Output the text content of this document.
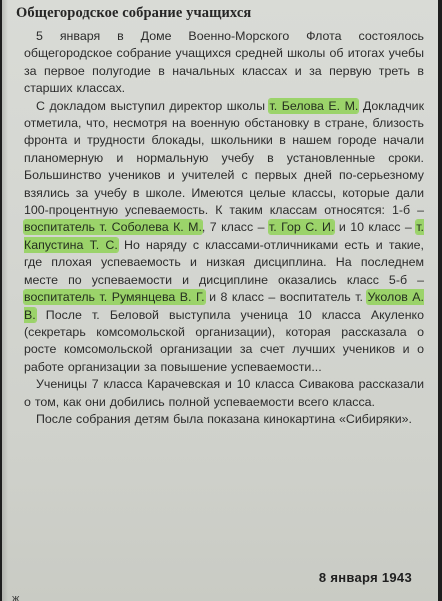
Общегородское собрание учащихся

5 января в Доме Военно-Морского Флота состоялось общегородское собрание учащихся средней школы об итогах учебы за первое полугодие в начальных классах и за первую треть в старших классах.

С докладом выступил директор школы т. Белова Е. М. Докладчик отметила, что, несмотря на военную обстановку в стране, близость фронта и трудности блокады, школьники в нашем городе начали планомерную и нормальную учебу в установленные сроки. Большинство учеников и учителей с первых дней по-серьезному взялись за учебу в школе. Имеются целые классы, которые дали 100-процентную успеваемость. К таким классам относятся: 1-б – воспитатель т. Соболева К. М., 7 класс – т. Гор С. И. и 10 класс – т. Капустина Т. С. Но наряду с классами-отличниками есть и такие, где плохая успеваемость и низкая дисциплина. На последнем месте по успеваемости и дисциплине оказались класс 5-б – воспитатель т. Румянцева В. Г. и 8 класс – воспитатель т. Уколов А. В. После т. Беловой выступила ученица 10 класса Акуленко (секретарь комсомольской организации), которая рассказала о росте комсомольской организации за счет лучших учеников и о работе организации за повышение успеваемости...

Ученицы 7 класса Карачевская и 10 класса Сивакова рассказали о том, как они добились полной успеваемости всего класса.

После собрания детям была показана кинокартина «Сибиряки».

8 января 1943
ж
